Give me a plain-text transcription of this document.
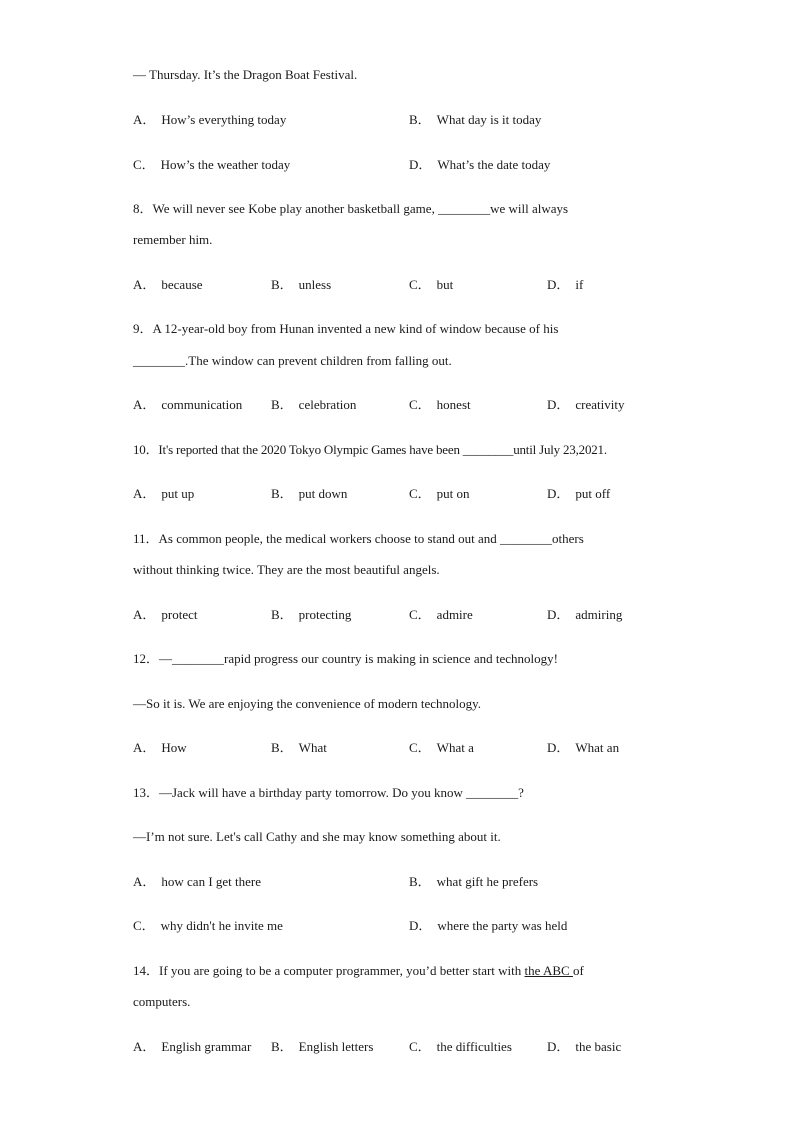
— Thursday. It’s the Dragon Boat Festival.
A． How’s everything today	B． What day is it today
C． How’s the weather today	D． What’s the date today
8．We will never see Kobe play another basketball game, ________we will always
remember him.
A． because	B． unless	C． but	D． if
9．A 12-year-old boy from Hunan invented a new kind of window because of his
________.The window can prevent children from falling out.
A． communication B． celebration	C． honest	D． creativity
10．It's reported that the 2020 Tokyo Olympic Games have been ________until July 23,2021.
A． put up	B． put down	C． put on	D． put off
11．As common people, the medical workers choose to stand out and ________others
without thinking twice. They are the most beautiful angels.
A． protect	B． protecting	C． admire	D． admiring
12．—________rapid progress our country is making in science and technology!
—So it is. We are enjoying the convenience of modern technology.
A． How	B． What	C． What a	D． What an
13．—Jack will have a birthday party tomorrow. Do you know ________?
—I’m not sure. Let's call Cathy and she may know something about it.
A． how can I get there	B． what gift he prefers
C． why didn't he invite me	D． where the party was held
14．If you are going to be a computer programmer, you’d better start with the ABC of
computers.
A． English grammar B． English letters	C． the difficulties	D． the basic
